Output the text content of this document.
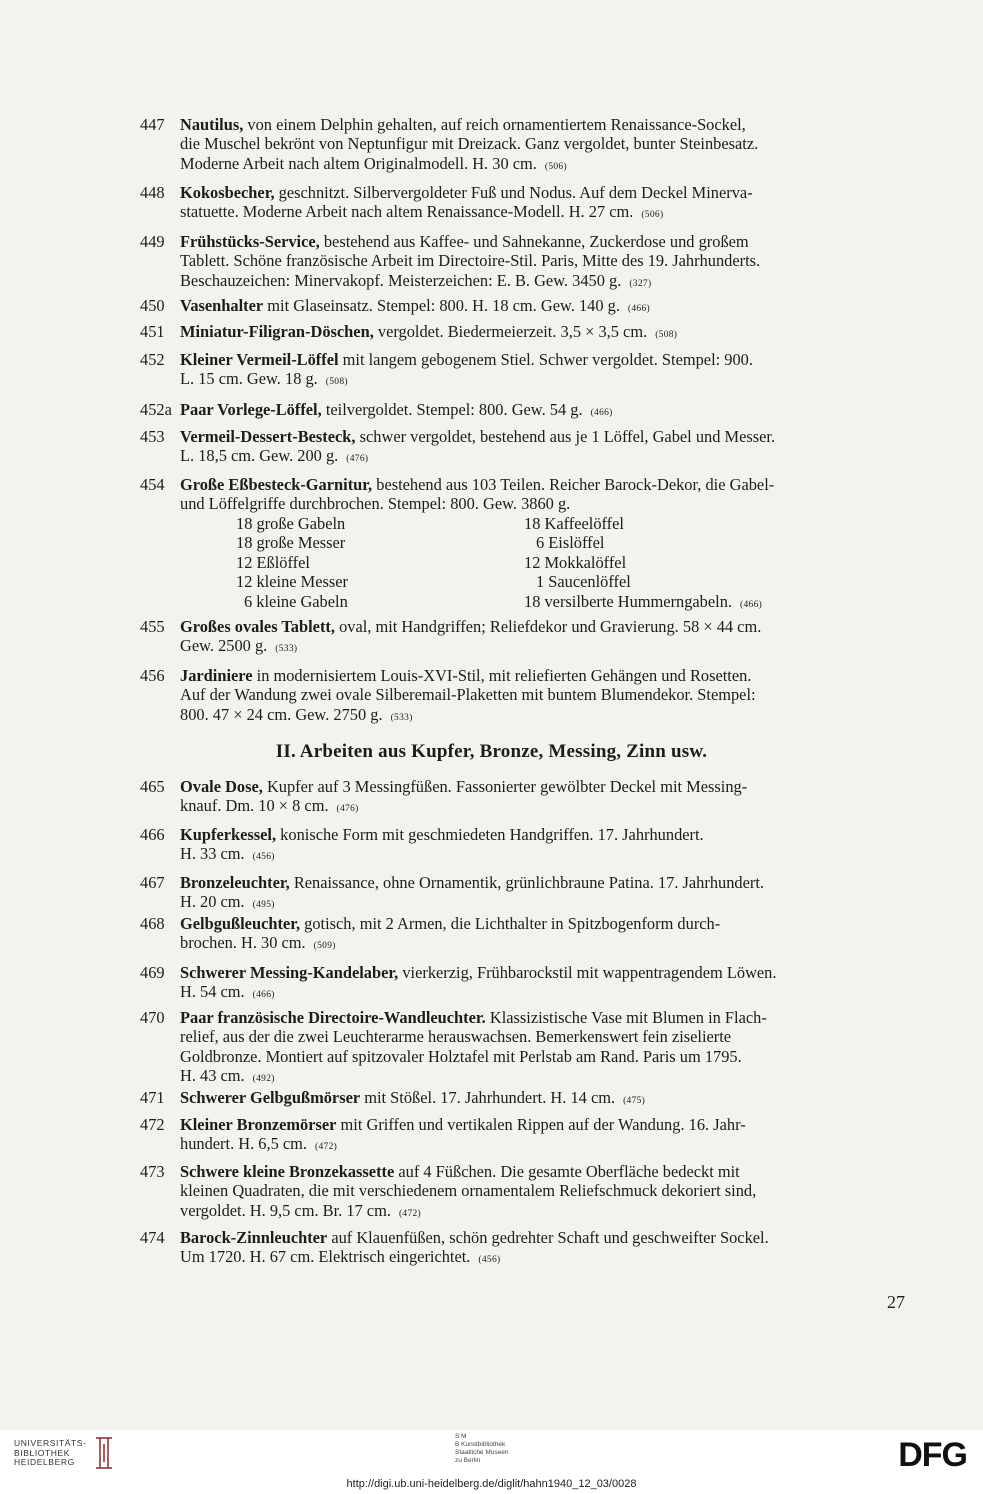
447 Nautilus, von einem Delphin gehalten, auf reich ornamentiertem Renaissance-Sockel,
die Muschel bekrönt von Neptunfigur mit Dreizack. Ganz vergoldet, bunter Steinbesatz.
Moderne Arbeit nach altem Originalmodell. H. 30 cm. (506)
448 Kokosbecher, geschnitzt. Silbervergoldeter Fuß und Nodus. Auf dem Deckel Minerva-
statuette. Moderne Arbeit nach altem Renaissance-Modell. H. 27 cm. (506)
449 Frühstücks-Service, bestehend aus Kaffee- und Sahnekanne, Zuckerdose und großem
Tablett. Schöne französische Arbeit im Directoire-Stil. Paris, Mitte des 19. Jahrhunderts.
Beschauzeichen: Minervakopf. Meisterzeichen: E. B. Gew. 3450 g. (327)
450 Vasenhalter mit Glaseinsatz. Stempel: 800. H. 18 cm. Gew. 140 g. (466)
451 Miniatur-Filigran-Döschen, vergoldet. Biedermeierzeit. 3,5 × 3,5 cm. (508)
452 Kleiner Vermeil-Löffel mit langem gebogenem Stiel. Schwer vergoldet. Stempel: 900.
L. 15 cm. Gew. 18 g. (508)
452a Paar Vorlege-Löffel, teilvergoldet. Stempel: 800. Gew. 54 g. (466)
453 Vermeil-Dessert-Besteck, schwer vergoldet, bestehend aus je 1 Löffel, Gabel und Messer.
L. 18,5 cm. Gew. 200 g. (476)
454 Große Eßbesteck-Garnitur, bestehend aus 103 Teilen. Reicher Barock-Dekor, die Gabel-
und Löffelgriffe durchbrochen. Stempel: 800. Gew. 3860 g.
455 Großes ovales Tablett, oval, mit Handgriffen; Reliefdekor und Gravierung. 58 × 44 cm.
Gew. 2500 g. (533)
456 Jardiniere in modernisiertem Louis-XVI-Stil, mit reliefierten Gehängen und Rosetten.
Auf der Wandung zwei ovale Silberemail-Plaketten mit buntem Blumendekor. Stempel:
800. 47 × 24 cm. Gew. 2750 g. (533)
465 Ovale Dose, Kupfer auf 3 Messingfüßen. Fassonierter gewölbter Deckel mit Messing-
knauf. Dm. 10 × 8 cm. (476)
466 Kupferkessel, konische Form mit geschmiedeten Handgriffen. 17. Jahrhundert.
H. 33 cm. (456)
467 Bronzeleuchter, Renaissance, ohne Ornamentik, grünlichbraune Patina. 17. Jahrhundert.
H. 20 cm. (495)
468 Gelbgußleuchter, gotisch, mit 2 Armen, die Lichthalter in Spitzbogenform durch-
brochen. H. 30 cm. (509)
469 Schwerer Messing-Kandelaber, vierkerzig, Frühbarockstil mit wappentragendem Löwen.
H. 54 cm. (466)
470 Paar französische Directoire-Wandleuchter. Klassizistische Vase mit Blumen in Flach-
relief, aus der die zwei Leuchterarme herauswachsen. Bemerkenswert fein ziselierte
Goldbronze. Montiert auf spitzovaler Holztafel mit Perlstab am Rand. Paris um 1795.
H. 43 cm. (492)
471 Schwerer Gelbgußmörser mit Stößel. 17. Jahrhundert. H. 14 cm. (475)
472 Kleiner Bronzemörser mit Griffen und vertikalen Rippen auf der Wandung. 16. Jahr-
hundert. H. 6,5 cm. (472)
473 Schwere kleine Bronzekassette auf 4 Füßchen. Die gesamte Oberfläche bedeckt mit
kleinen Quadraten, die mit verschiedenem ornamentalem Reliefschmuck dekoriert sind,
vergoldet. H. 9,5 cm. Br. 17 cm. (472)
474 Barock-Zinnleuchter auf Klauenfüßen, schön gedrehter Schaft und geschweifter Sockel.
Um 1720. H. 67 cm. Elektrisch eingerichtet. (456)
18 große Gabeln
18 große Messer
12 Eßlöffel
12 kleine Messer
6 kleine Gabeln
18 Kaffeelöffel
6 Eislöffel
12 Mokkalöffel
1 Saucenlöffel
18 versilberte Hummerngabeln. (466)
II. Arbeiten aus Kupfer, Bronze, Messing, Zinn usw.
27
UNIVERSITÄTS-
BIBLIOTHEK
HEIDELBERG
S M
B Kunstbibliothek
Staatliche Museen
zu Berlin	DFG
http://digi.ub.uni-heidelberg.de/diglit/hahn1940_12_03/0028
